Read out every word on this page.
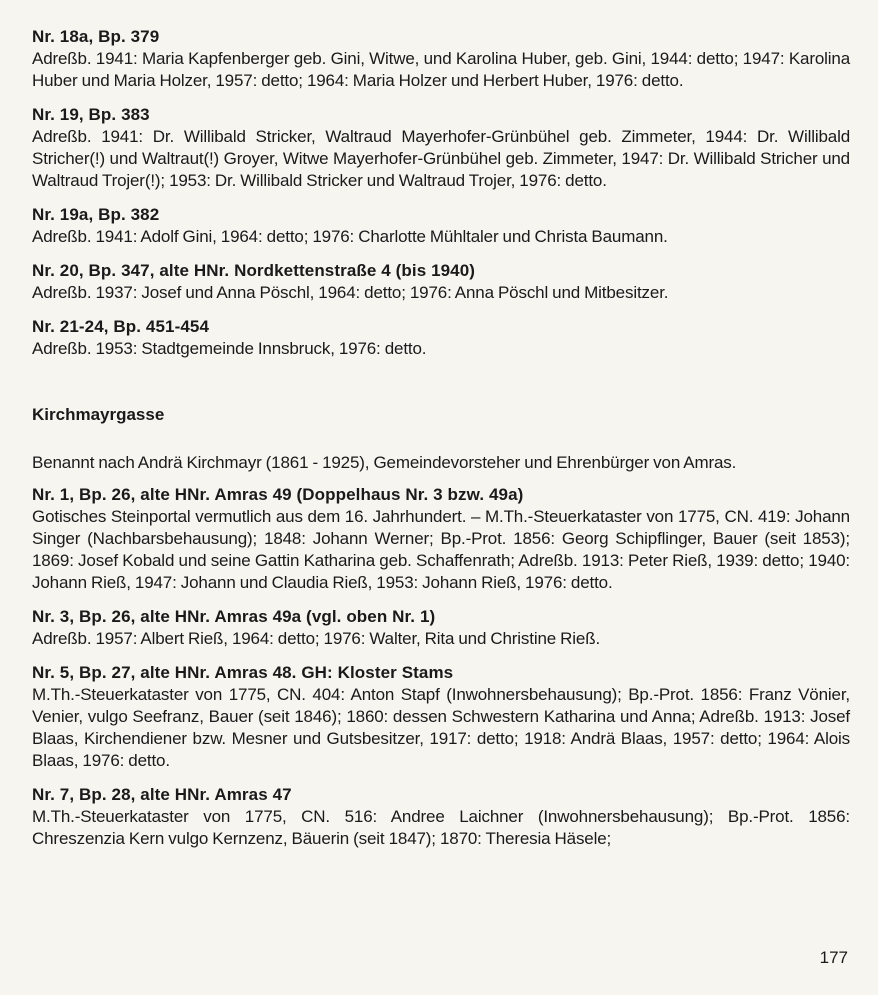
Nr. 18a, Bp. 379
Adreßb. 1941: Maria Kapfenberger geb. Gini, Witwe, und Karolina Huber, geb. Gini, 1944: detto; 1947: Karolina Huber und Maria Holzer, 1957: detto; 1964: Maria Holzer und Herbert Huber, 1976: detto.
Nr. 19, Bp. 383
Adreßb. 1941: Dr. Willibald Stricker, Waltraud Mayerhofer-Grünbühel geb. Zimmeter, 1944: Dr. Willibald Stricher(!) und Waltraut(!) Groyer, Witwe Mayerhofer-Grünbühel geb. Zimmeter, 1947: Dr. Willibald Stricher und Waltraud Trojer(!); 1953: Dr. Willibald Stricker und Waltraud Trojer, 1976: detto.
Nr. 19a, Bp. 382
Adreßb. 1941: Adolf Gini, 1964: detto; 1976: Charlotte Mühltaler und Christa Baumann.
Nr. 20, Bp. 347, alte HNr. Nordkettenstraße 4 (bis 1940)
Adreßb. 1937: Josef und Anna Pöschl, 1964: detto; 1976: Anna Pöschl und Mitbesitzer.
Nr. 21-24, Bp. 451-454
Adreßb. 1953: Stadtgemeinde Innsbruck, 1976: detto.
Kirchmayrgasse
Benannt nach Andrä Kirchmayr (1861 - 1925), Gemeindevorsteher und Ehrenbürger von Amras.
Nr. 1, Bp. 26, alte HNr. Amras 49 (Doppelhaus Nr. 3 bzw. 49a)
Gotisches Steinportal vermutlich aus dem 16. Jahrhundert. – M.Th.-Steuerkataster von 1775, CN. 419: Johann Singer (Nachbarsbehausung); 1848: Johann Werner; Bp.-Prot. 1856: Georg Schipflinger, Bauer (seit 1853); 1869: Josef Kobald und seine Gattin Katharina geb. Schaffenrath; Adreßb. 1913: Peter Rieß, 1939: detto; 1940: Johann Rieß, 1947: Johann und Claudia Rieß, 1953: Johann Rieß, 1976: detto.
Nr. 3, Bp. 26, alte HNr. Amras 49a (vgl. oben Nr. 1)
Adreßb. 1957: Albert Rieß, 1964: detto; 1976: Walter, Rita und Christine Rieß.
Nr. 5, Bp. 27, alte HNr. Amras 48. GH: Kloster Stams
M.Th.-Steuerkataster von 1775, CN. 404: Anton Stapf (Inwohnersbehausung); Bp.-Prot. 1856: Franz Vönier, Venier, vulgo Seefranz, Bauer (seit 1846); 1860: dessen Schwestern Katharina und Anna; Adreßb. 1913: Josef Blaas, Kirchendiener bzw. Mesner und Gutsbesitzer, 1917: detto; 1918: Andrä Blaas, 1957: detto; 1964: Alois Blaas, 1976: detto.
Nr. 7, Bp. 28, alte HNr. Amras 47
M.Th.-Steuerkataster von 1775, CN. 516: Andree Laichner (Inwohnersbehausung); Bp.-Prot. 1856: Chreszenzia Kern vulgo Kernzenz, Bäuerin (seit 1847); 1870: Theresia Häsele;
177
